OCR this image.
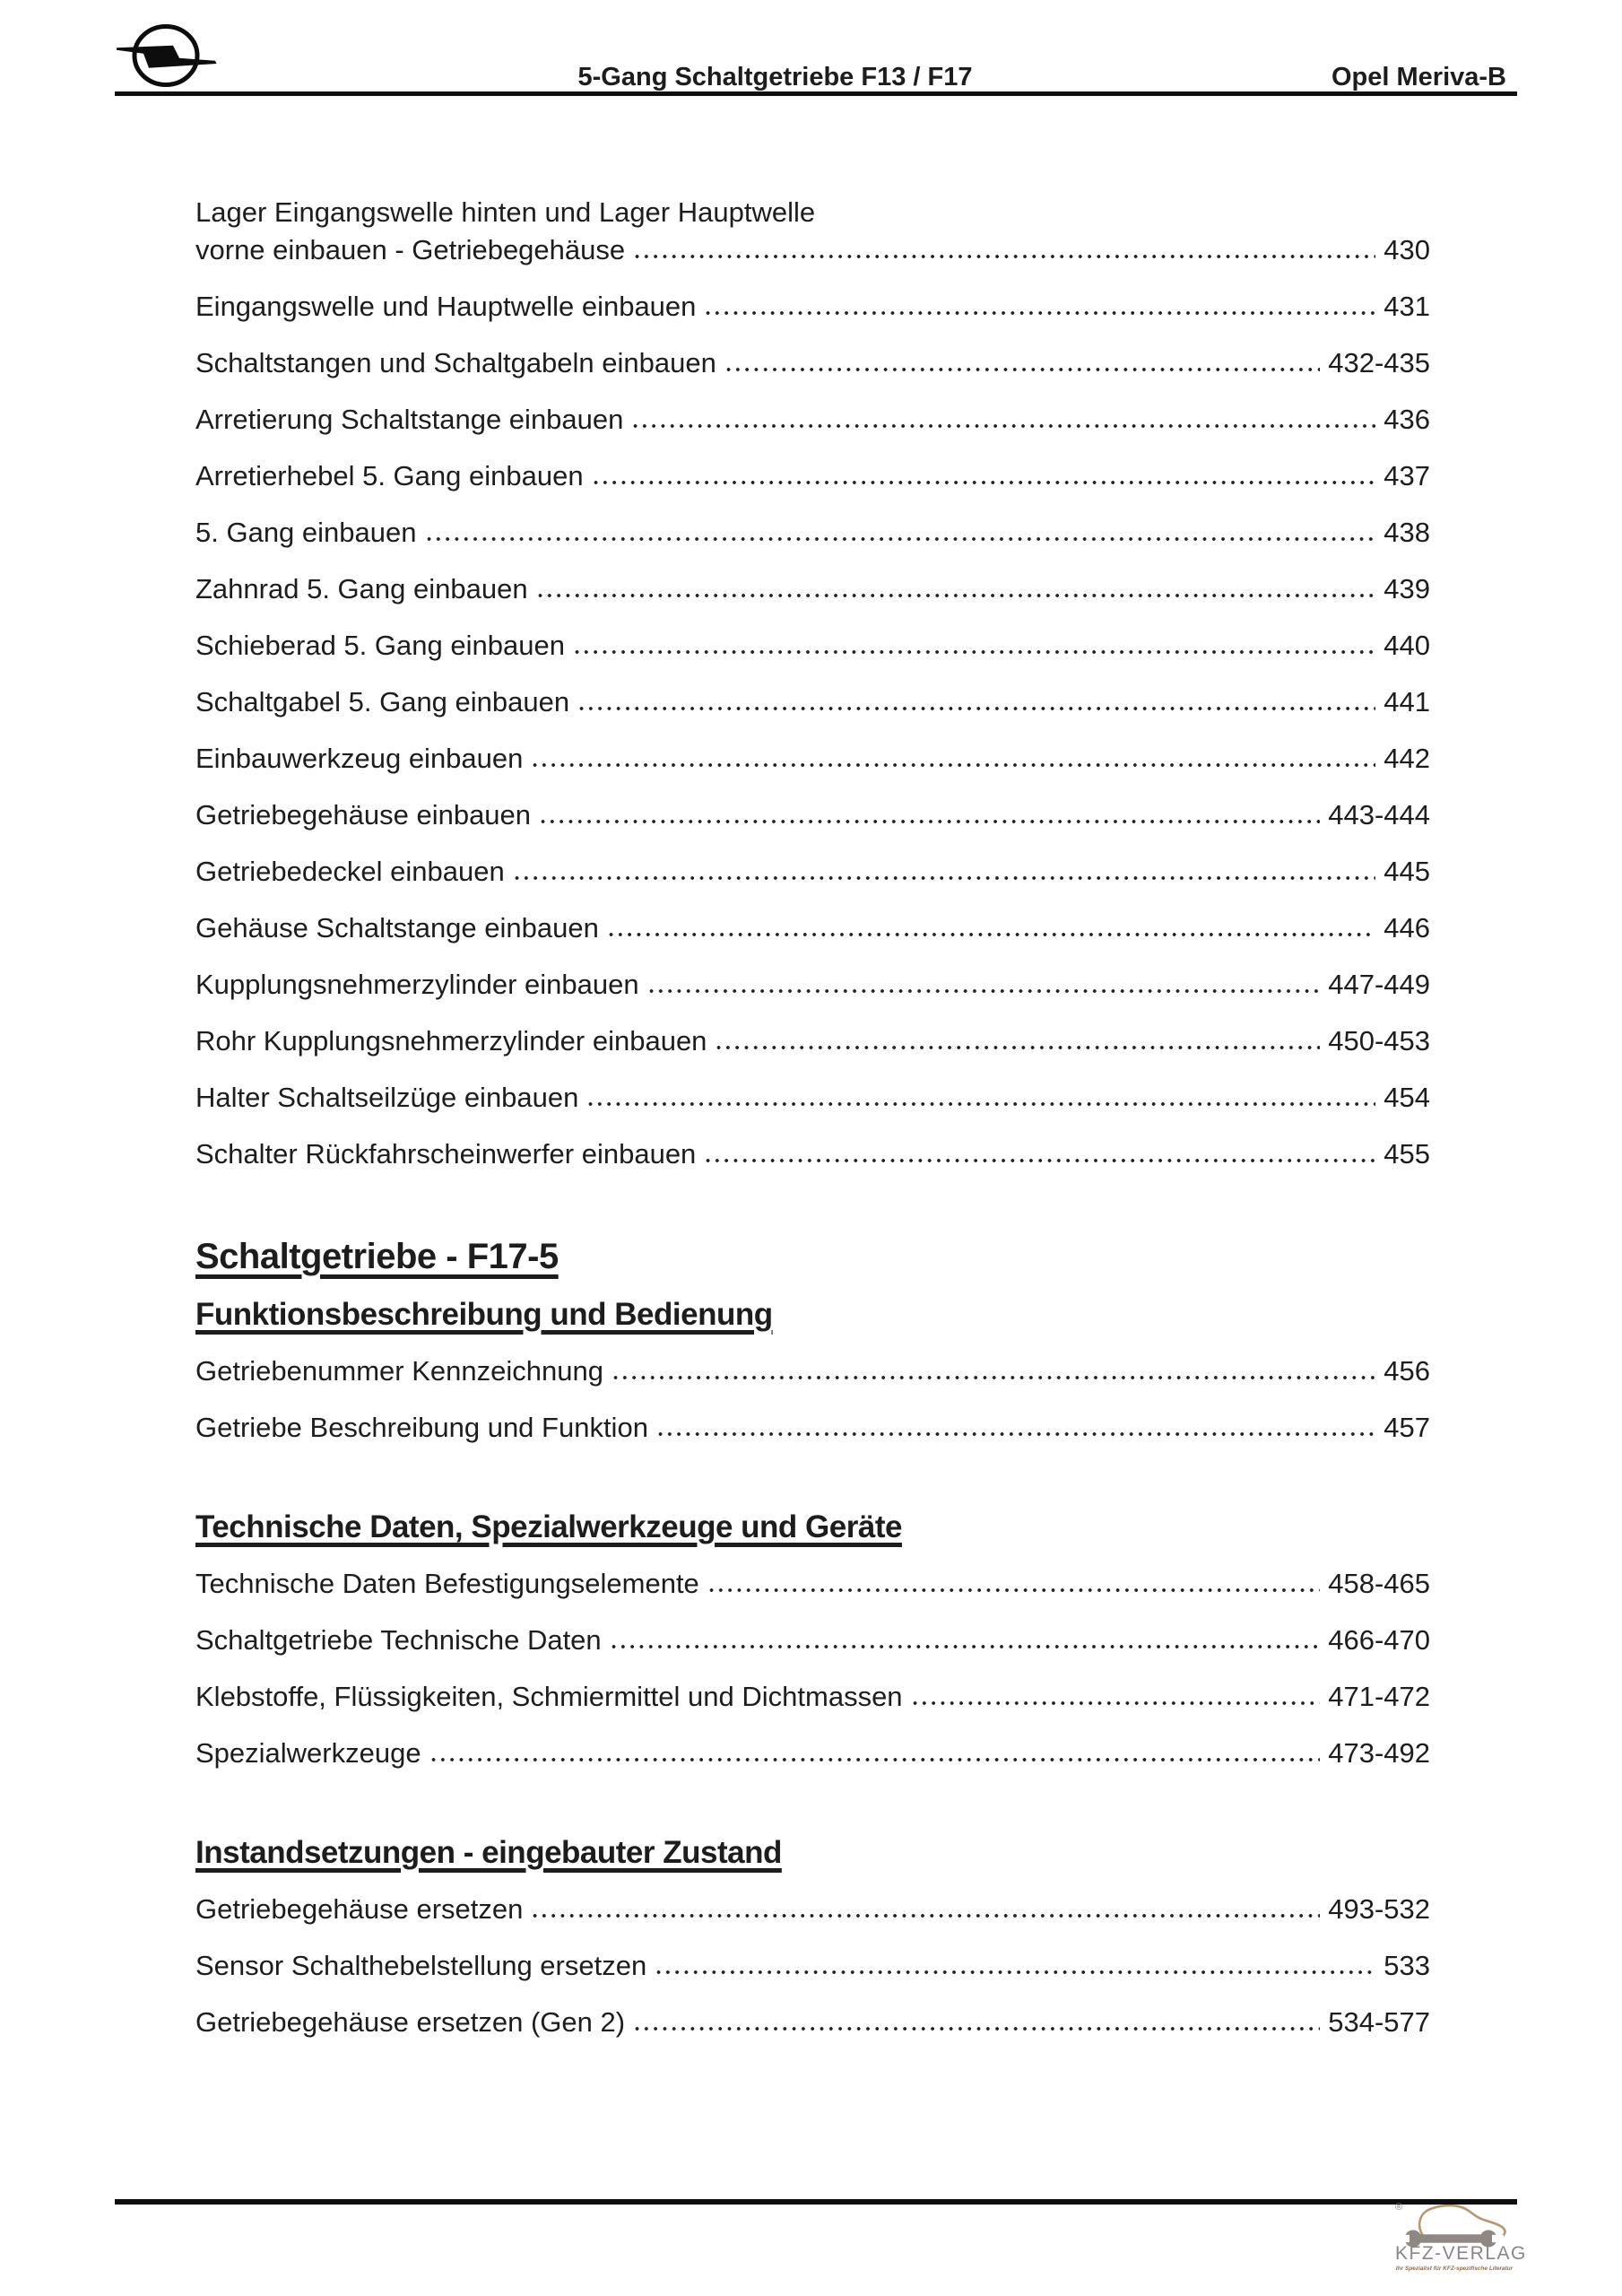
5-Gang Schaltgetriebe F13 / F17	Opel Meriva-B
Lager Eingangswelle hinten und Lager Hauptwelle
vorne einbauen - Getriebegehäuse	430
Eingangswelle und Hauptwelle einbauen	431
Schaltstangen und Schaltgabeln einbauen	432-435
Arretierung Schaltstange einbauen	436
Arretierhebel 5. Gang einbauen	437
5. Gang einbauen	438
Zahnrad 5. Gang einbauen	439
Schieberad 5. Gang einbauen	440
Schaltgabel 5. Gang einbauen	441
Einbauwerkzeug einbauen	442
Getriebegehäuse einbauen	443-444
Getriebedeckel einbauen	445
Gehäuse Schaltstange einbauen	446
Kupplungsnehmerzylinder einbauen	447-449
Rohr Kupplungsnehmerzylinder einbauen	450-453
Halter Schaltseilzüge einbauen	454
Schalter Rückfahrscheinwerfer einbauen	455
Schaltgetriebe - F17-5
Funktionsbeschreibung und Bedienung
Getriebenummer Kennzeichnung	456
Getriebe Beschreibung und Funktion	457
Technische Daten, Spezialwerkzeuge und Geräte
Technische Daten Befestigungselemente	458-465
Schaltgetriebe Technische Daten	466-470
Klebstoffe, Flüssigkeiten, Schmiermittel und Dichtmassen	471-472
Spezialwerkzeuge	473-492
Instandsetzungen - eingebauter Zustand
Getriebegehäuse ersetzen	493-532
Sensor Schalthebelstellung ersetzen	533
Getriebegehäuse ersetzen (Gen 2)	534-577
®
KFZ-VERLAG
Ihr Spezialist für KFZ-spezifische Literatur
